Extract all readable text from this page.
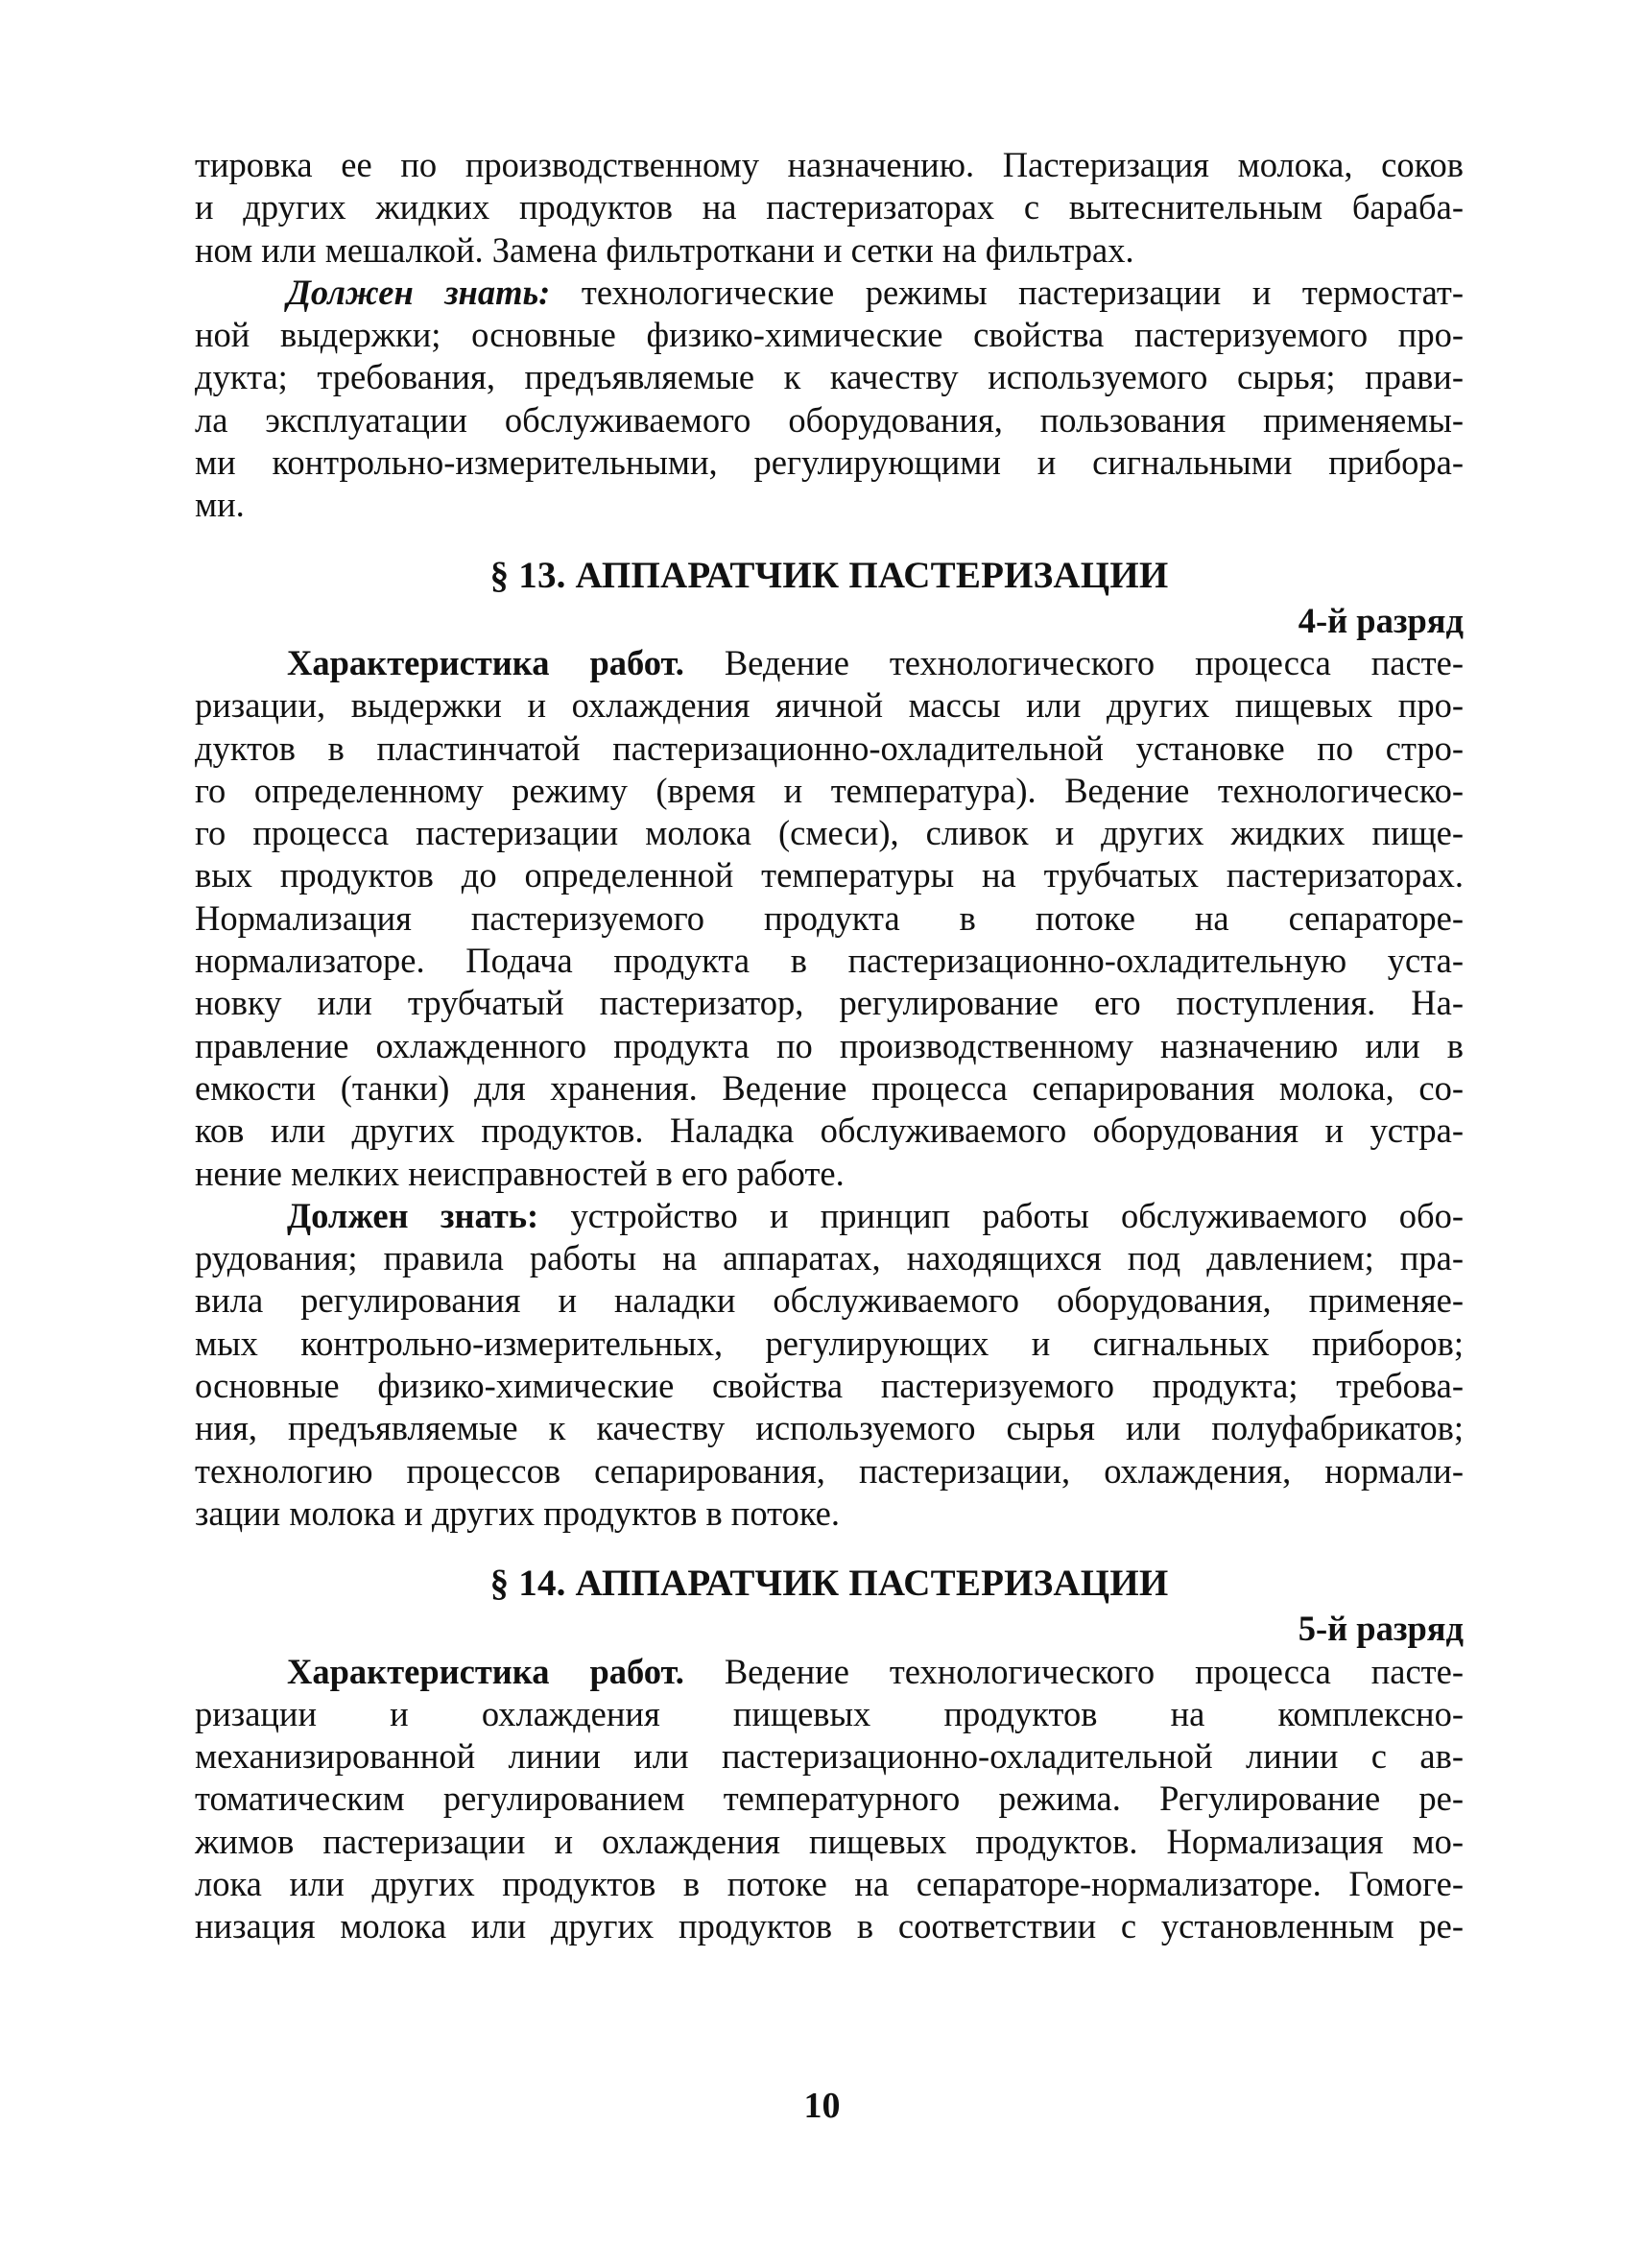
тировка ее по производственному назначению. Пастеризация молока, соков
и других жидких продуктов на пастеризаторах с вытеснительным бараба-
ном или мешалкой. Замена фильтроткани и сетки на фильтрах.
Должен знать: технологические режимы пастеризации и термостат-
ной выдержки; основные физико-химические свойства пастеризуемого про-
дукта; требования, предъявляемые к качеству используемого сырья; прави-
ла эксплуатации обслуживаемого оборудования, пользования применяемы-
ми контрольно-измерительными, регулирующими и сигнальными прибора-
ми.
§ 13. АППАРАТЧИК ПАСТЕРИЗАЦИИ
4-й разряд
Характеристика работ. Ведение технологического процесса пасте-
ризации, выдержки и охлаждения яичной массы или других пищевых про-
дуктов в пластинчатой пастеризационно-охладительной установке по стро-
го определенному режиму (время и температура). Ведение технологическо-
го процесса пастеризации молока (смеси), сливок и других жидких пище-
вых продуктов до определенной температуры на трубчатых пастеризаторах.
Нормализация пастеризуемого продукта в потоке на сепараторе-
нормализаторе. Подача продукта в пастеризационно-охладительную уста-
новку или трубчатый пастеризатор, регулирование его поступления. На-
правление охлажденного продукта по производственному назначению или в
емкости (танки) для хранения. Ведение процесса сепарирования молока, со-
ков или других продуктов. Наладка обслуживаемого оборудования и устра-
нение мелких неисправностей в его работе.
Должен знать: устройство и принцип работы обслуживаемого обо-
рудования; правила работы на аппаратах, находящихся под давлением; пра-
вила регулирования и наладки обслуживаемого оборудования, применяе-
мых контрольно-измерительных, регулирующих и сигнальных приборов;
основные физико-химические свойства пастеризуемого продукта; требова-
ния, предъявляемые к качеству используемого сырья или полуфабрикатов;
технологию процессов сепарирования, пастеризации, охлаждения, нормали-
зации молока и других продуктов в потоке.
§ 14. АППАРАТЧИК ПАСТЕРИЗАЦИИ
5-й разряд
Характеристика работ. Ведение технологического процесса пасте-
ризации и охлаждения пищевых продуктов на комплексно-
механизированной линии или пастеризационно-охладительной линии с ав-
томатическим регулированием температурного режима. Регулирование ре-
жимов пастеризации и охлаждения пищевых продуктов. Нормализация мо-
лока или других продуктов в потоке на сепараторе-нормализаторе. Гомоге-
низация молока или других продуктов в соответствии с установленным ре-
10
